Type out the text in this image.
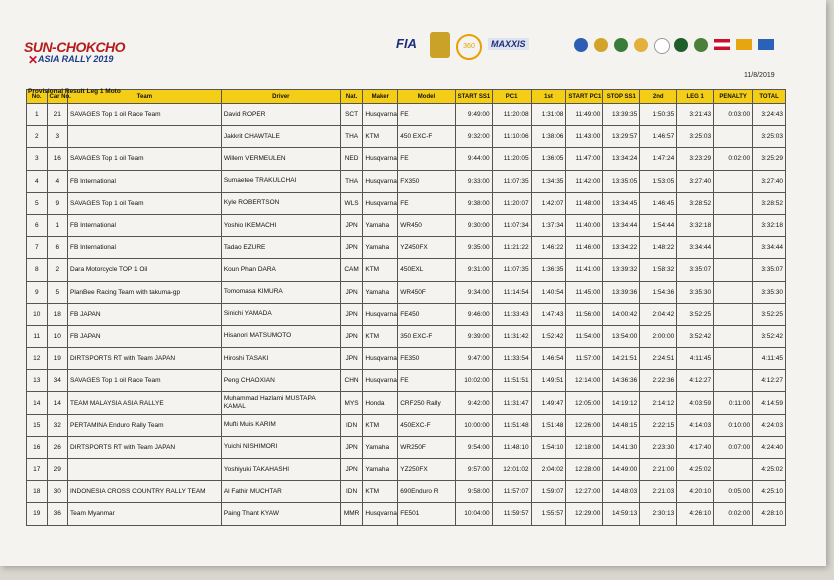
SUN-CHOKCHO
✕ ASIA RALLY 2019
FIA	360	MAXXIS
11/8/2019
No.	Car No.	Team	Driver	Nat.	Maker	Model	START SS1	PC1	1st	START PC1	STOP SS1	2nd	LEG 1	PENALTY	TOTAL
1	21	SAVAGES Top 1 oil Race Team	David ROPER	SCT	Husqvarna	FE	9:49:00	11:20:08	1:31:08	11:49:00	13:39:35	1:50:35	3:21:43	0:03:00	3:24:43
2	3		Jakkrit CHAWTALE	THA	KTM	450 EXC-F	9:32:00	11:10:06	1:38:06	11:43:00	13:29:57	1:46:57	3:25:03		3:25:03
3	16	SAVAGES Top 1 oil Team	Willem VERMEULEN	NED	Husqvarna	FE	9:44:00	11:20:05	1:36:05	11:47:00	13:34:24	1:47:24	3:23:29	0:02:00	3:25:29
4	4	FB International	Sumaetee TRAKULCHAI	THA	Husqvarna	FX350	9:33:00	11:07:35	1:34:35	11:42:00	13:35:05	1:53:05	3:27:40		3:27:40
5	9	SAVAGES Top 1 oil Team	Kyle ROBERTSON	WLS	Husqvarna	FE	9:38:00	11:20:07	1:42:07	11:48:00	13:34:45	1:46:45	3:28:52		3:28:52
6	1	FB International	Yoshio IKEMACHI	JPN	Yamaha	WR450	9:30:00	11:07:34	1:37:34	11:40:00	13:34:44	1:54:44	3:32:18		3:32:18
7	6	FB International	Tadao EZURE	JPN	Yamaha	YZ450FX	9:35:00	11:21:22	1:46:22	11:46:00	13:34:22	1:48:22	3:34:44		3:34:44
8	2	Dara Motorcycle TOP 1 Oil	Koun Phan DARA	CAM	KTM	450EXL	9:31:00	11:07:35	1:36:35	11:41:00	13:39:32	1:58:32	3:35:07		3:35:07
9	5	PlanBee Racing Team with takuma-gp	Tomomasa KIMURA	JPN	Yamaha	WR450F	9:34:00	11:14:54	1:40:54	11:45:00	13:39:36	1:54:36	3:35:30		3:35:30
10	18	FB JAPAN	Sinichi YAMADA	JPN	Husqvarna	FE450	9:46:00	11:33:43	1:47:43	11:56:00	14:00:42	2:04:42	3:52:25		3:52:25
11	10	FB JAPAN	Hisanori MATSUMOTO	JPN	KTM	350 EXC-F	9:39:00	11:31:42	1:52:42	11:54:00	13:54:00	2:00:00	3:52:42		3:52:42
12	19	DIRTSPORTS RT with Team JAPAN	Hiroshi TASAKI	JPN	Husqvarna	FE350	9:47:00	11:33:54	1:46:54	11:57:00	14:21:51	2:24:51	4:11:45		4:11:45
13	34	SAVAGES Top 1 oil Race Team	Peng CHAOXIAN	CHN	Husqvarna	FE	10:02:00	11:51:51	1:49:51	12:14:00	14:36:36	2:22:36	4:12:27		4:12:27
14	14	TEAM MALAYSIA ASIA RALLYE	Muhammad Hazlami MUSTAPA KAMAL	MYS	Honda	CRF250 Rally	9:42:00	11:31:47	1:49:47	12:05:00	14:19:12	2:14:12	4:03:59	0:11:00	4:14:59
15	32	PERTAMINA Enduro Rally Team	Mufti Muis KARIM	IDN	KTM	450EXC-F	10:00:00	11:51:48	1:51:48	12:26:00	14:48:15	2:22:15	4:14:03	0:10:00	4:24:03
16	26	DIRTSPORTS RT with Team JAPAN	Yuichi NISHIMORI	JPN	Yamaha	WR250F	9:54:00	11:48:10	1:54:10	12:18:00	14:41:30	2:23:30	4:17:40	0:07:00	4:24:40
17	29		Yoshiyuki TAKAHASHI	JPN	Yamaha	YZ250FX	9:57:00	12:01:02	2:04:02	12:28:00	14:49:00	2:21:00	4:25:02		4:25:02
18	30	INDONESIA CROSS COUNTRY RALLY TEAM	Al Fathir MUCHTAR	IDN	KTM	690Enduro R	9:58:00	11:57:07	1:59:07	12:27:00	14:48:03	2:21:03	4:20:10	0:05:00	4:25:10
19	36	Team Myanmar	Paing Thant KYAW	MMR	Husqvarna	FE501	10:04:00	11:59:57	1:55:57	12:29:00	14:59:13	2:30:13	4:26:10	0:02:00	4:28:10
Provisional Result Leg 1 Moto
